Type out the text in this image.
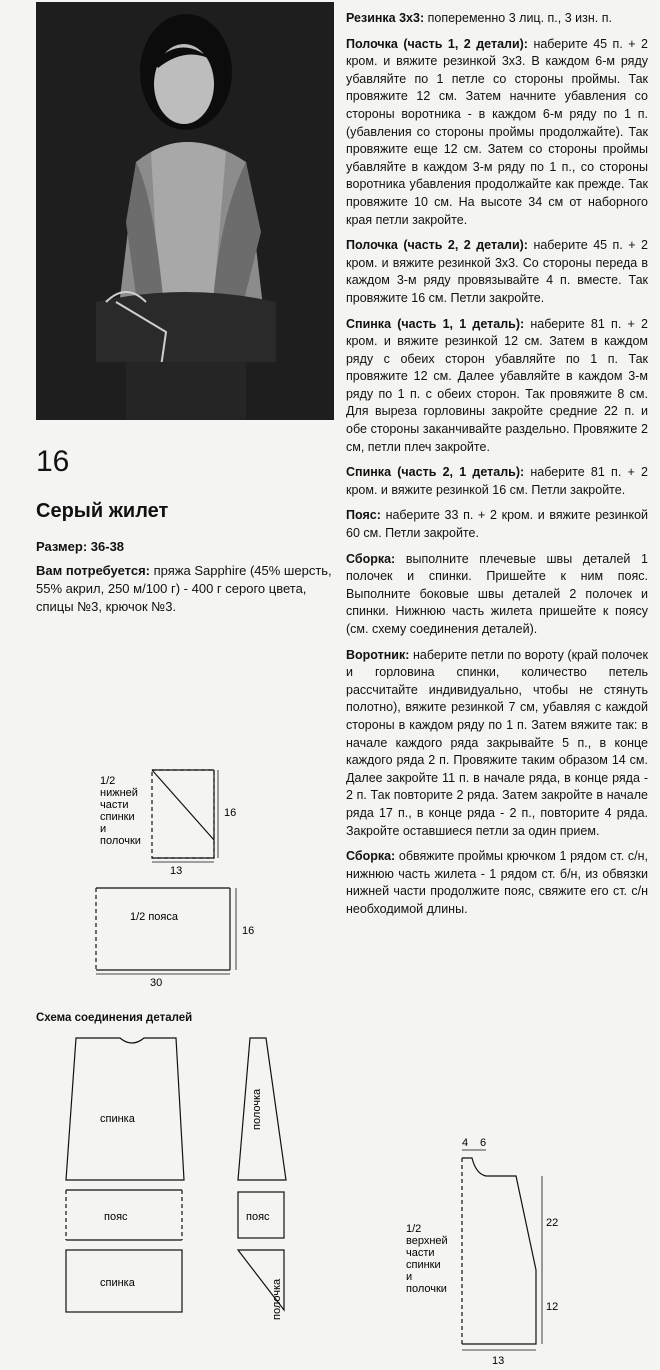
16
Серый жилет

Размер: 36-38

Вам потребуется: пряжа Sapphire (45% шерсть, 55% акрил, 250 м/100 г) - 400 г серого цвета, спицы №3, крючок №3.

Резинка 3х3: попеременно 3 лиц. п., 3 изн. п.

Полочка (часть 1, 2 детали): наберите 45 п. + 2 кром. и вяжите резинкой 3х3. В каждом 6-м ряду убавляйте по 1 петле со стороны проймы. Так провяжите 12 см. Затем начните убавления со стороны воротника - в каждом 6-м ряду по 1 п. (убавления со стороны проймы продолжайте). Так провяжите еще 12 см. Затем со стороны проймы убавляйте в каждом 3-м ряду по 1 п., со стороны воротника убавления продолжайте как прежде. Так провяжите 10 см. На высоте 34 см от наборного края петли закройте.

Полочка (часть 2, 2 детали): наберите 45 п. + 2 кром. и вяжите резинкой 3х3. Со стороны переда в каждом 3-м ряду провязывайте 4 п. вместе. Так провяжите 16 см. Петли закройте.

Спинка (часть 1, 1 деталь): наберите 81 п. + 2 кром. и вяжите резинкой 12 см. Затем в каждом ряду с обеих сторон убавляйте по 1 п. Так провяжите 12 см. Далее убавляйте в каждом 3-м ряду по 1 п. с обеих сторон. Так провяжите 8 см. Для выреза горловины закройте средние 22 п. и обе стороны заканчивайте раздельно. Провяжите 2 см, петли плеч закройте.

Спинка (часть 2, 1 деталь): наберите 81 п. + 2 кром. и вяжите резинкой 16 см. Петли закройте.

Пояс: наберите 33 п. + 2 кром. и вяжите резинкой 60 см. Петли закройте.

Сборка: выполните плечевые швы деталей 1 полочек и спинки. Пришейте к ним пояс. Выполните боковые швы деталей 2 полочек и спинки. Нижнюю часть жилета пришейте к поясу (см. схему соединения деталей).

Воротник: наберите петли по вороту (край полочек и горловина спинки, количество петель рассчитайте индивидуально, чтобы не стянуть полотно), вяжите резинкой 7 см, убавляя с каждой стороны в каждом ряду по 1 п. Затем вяжите так: в начале каждого ряда закрывайте 5 п., в конце каждого ряда 2 п. Провяжите таким образом 14 см. Далее закройте 11 п. в начале ряда, в конце ряда - 2 п. Так повторите 2 ряда. Затем закройте в начале ряда 17 п., в конце ряда - 2 п., повторите 4 ряда. Закройте оставшиеся петли за один прием.

Сборка: обвяжите проймы крючком 1 рядом ст. с/н, нижнюю часть жилета - 1 рядом ст. б/н, из обвязки нижней части продолжите пояс, свяжите его ст. с/н необходимой длины.

1/2
нижней
части
спинки
и
полочки
13
16
1/2 пояса
30
16
Схема соединения деталей
спинка	полочка
пояс	пояс
спинка	полочка
4 6
1/2
верхней
части
спинки
и
полочки
22
12
13
